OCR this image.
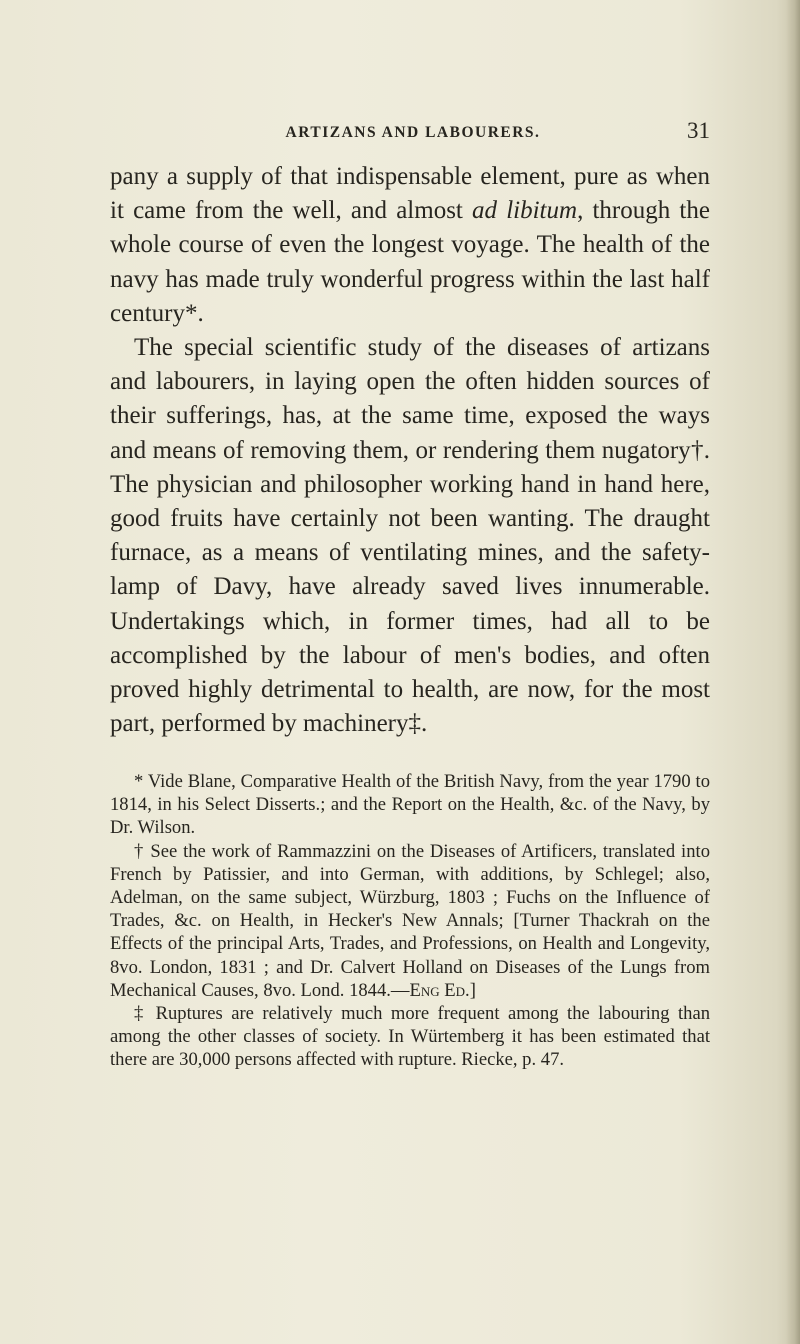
ARTIZANS AND LABOURERS.	31

pany a supply of that indispensable element, pure as when it came from the well, and almost ad libitum, through the whole course of even the longest voyage. The health of the navy has made truly wonderful progress within the last half century*.

The special scientific study of the diseases of artizans and labourers, in laying open the often hidden sources of their sufferings, has, at the same time, exposed the ways and means of removing them, or rendering them nugatory†. The physician and philosopher working hand in hand here, good fruits have certainly not been wanting. The draught furnace, as a means of ventilating mines, and the safety-lamp of Davy, have already saved lives innumerable. Undertakings which, in former times, had all to be accomplished by the labour of men's bodies, and often proved highly detrimental to health, are now, for the most part, performed by machinery‡.

* Vide Blane, Comparative Health of the British Navy, from the year 1790 to 1814, in his Select Disserts.; and the Report on the Health, &c. of the Navy, by Dr. Wilson.

† See the work of Rammazzini on the Diseases of Artificers, translated into French by Patissier, and into German, with additions, by Schlegel; also, Adelman, on the same subject, Würzburg, 1803 ; Fuchs on the Influence of Trades, &c. on Health, in Hecker's New Annals; [Turner Thackrah on the Effects of the principal Arts, Trades, and Professions, on Health and Longevity, 8vo. London, 1831 ; and Dr. Calvert Holland on Diseases of the Lungs from Mechanical Causes, 8vo. Lond. 1844.—Eng Ed.]

‡ Ruptures are relatively much more frequent among the labouring than among the other classes of society. In Würtemberg it has been estimated that there are 30,000 persons affected with rupture. Riecke, p. 47.
